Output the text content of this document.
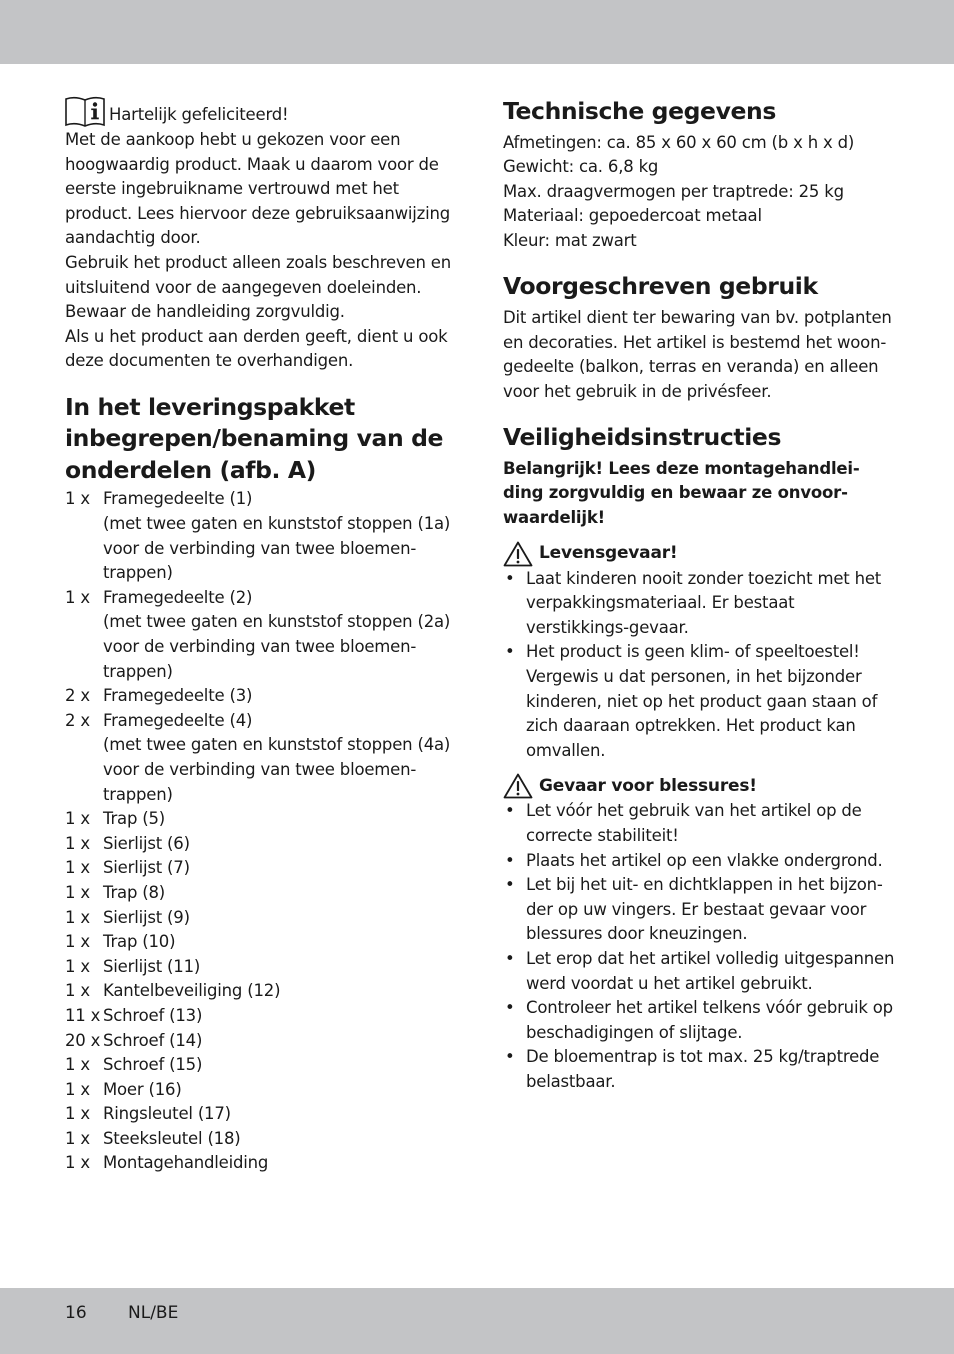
Hartelijk gefeliciteerd!

Met de aankoop hebt u gekozen voor een hoogwaardig product. Maak u daarom voor de eerste ingebruikname vertrouwd met het product. Lees hiervoor deze gebruiksaanwijzing aandachtig door.

Gebruik het product alleen zoals beschreven en uitsluitend voor de aangegeven doeleinden. Bewaar de handleiding zorgvuldig.

Als u het product aan derden geeft, dient u ook deze documenten te overhandigen.

In het leveringspakket inbegrepen/benaming van de onderdelen (afb. A)
1 x Framegedeelte (1)
(met twee gaten en kunststof stoppen (1a) voor de verbinding van twee bloemen-trappen)
1 x Framegedeelte (2)
(met twee gaten en kunststof stoppen (2a) voor de verbinding van twee bloemen-trappen)
2 x Framegedeelte (3)
2 x Framegedeelte (4)
(met twee gaten en kunststof stoppen (4a) voor de verbinding van twee bloemen-trappen)
1 x Trap (5)
1 x Sierlijst (6)
1 x Sierlijst (7)
1 x Trap (8)
1 x Sierlijst (9)
1 x Trap (10)
1 x Sierlijst (11)
1 x Kantelbeveiliging (12)
11 x Schroef (13)
20 x Schroef (14)
1 x Schroef (15)
1 x Moer (16)
1 x Ringsleutel (17)
1 x Steeksleutel (18)
1 x Montagehandleiding
Technische gegevens

Afmetingen: ca. 85 x 60 x 60 cm (b x h x d)

Gewicht: ca. 6,8 kg

Max. draagvermogen per traptrede: 25 kg

Materiaal: gepoedercoat metaal

Kleur: mat zwart

Voorgeschreven gebruik

Dit artikel dient ter bewaring van bv. potplanten en decoraties. Het artikel is bestemd het woon-gedeelte (balkon, terras en veranda) en alleen voor het gebruik in de privésfeer.

Veiligheidsinstructies

Belangrijk! Lees deze montagehandlei-ding zorgvuldig en bewaar ze onvoor-waardelijk!

Levensgevaar!
• Laat kinderen nooit zonder toezicht met het verpakkingsmateriaal. Er bestaat verstikkings-gevaar.
• Het product is geen klim- of speeltoestel! Vergewis u dat personen, in het bijzonder kinderen, niet op het product gaan staan of zich daaraan optrekken. Het product kan omvallen.
Gevaar voor blessures!
• Let vóór het gebruik van het artikel op de correcte stabiliteit!
• Plaats het artikel op een vlakke ondergrond.
• Let bij het uit- en dichtklappen in het bijzon-der op uw vingers. Er bestaat gevaar voor blessures door kneuzingen.
• Let erop dat het artikel volledig uitgespannen werd voordat u het artikel gebruikt.
• Controleer het artikel telkens vóór gebruik op beschadigingen of slijtage.
• De bloementrap is tot max. 25 kg/traptrede belastbaar.
16 NL/BE
